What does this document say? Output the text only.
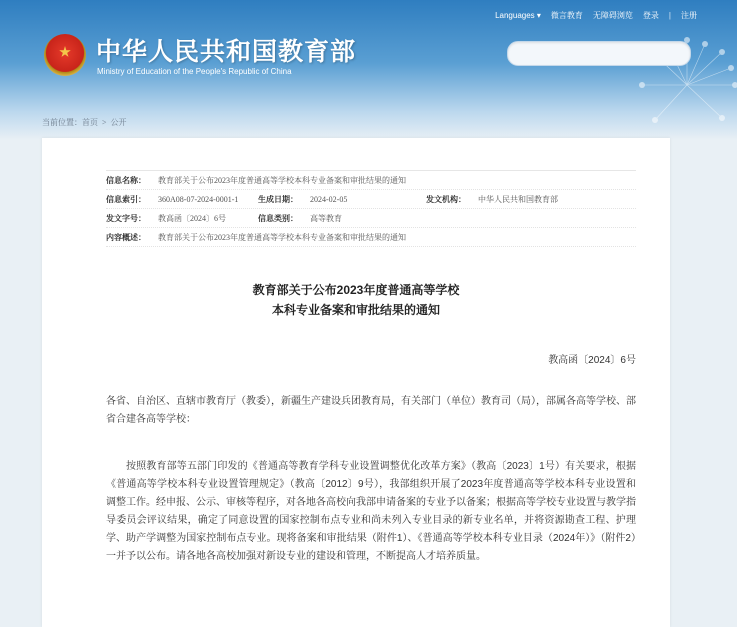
Languages ▾ 微言教育 无障碍浏览 登录 | 注册
中华人民共和国教育部
Ministry of Education of the People's Republic of China
当前位置：首页 > 公开
信息名称：	教育部关于公布2023年度普通高等学校本科专业备案和审批结果的通知
信息索引：	360A08-07-2024-0001-1	生成日期：	2024-02-05	发文机构：	中华人民共和国教育部
发文字号：	教高函〔2024〕6号	信息类别：	高等教育
内容概述：	教育部关于公布2023年度普通高等学校本科专业备案和审批结果的通知
教育部关于公布2023年度普通高等学校
本科专业备案和审批结果的通知
教高函〔2024〕6号

各省、自治区、直辖市教育厅（教委），新疆生产建设兵团教育局，有关部门（单位）教育司（局），部属各高等学校、部省合建各高等学校：

按照教育部等五部门印发的《普通高等教育学科专业设置调整优化改革方案》（教高〔2023〕1号）有关要求，根据《普通高等学校本科专业设置管理规定》（教高〔2012〕9号），我部组织开展了2023年度普通高等学校本科专业设置和调整工作。经申报、公示、审核等程序，对各地各高校向我部申请备案的专业予以备案；根据高等学校专业设置与教学指导委员会评议结果，确定了同意设置的国家控制布点专业和尚未列入专业目录的新专业名单，并将资源勘查工程、护理学、助产学调整为国家控制布点专业。现将备案和审批结果（附件1）、《普通高等学校本科专业目录（2024年）》（附件2）一并予以公布。请各地各高校加强对新设专业的建设和管理，不断提高人才培养质量。
